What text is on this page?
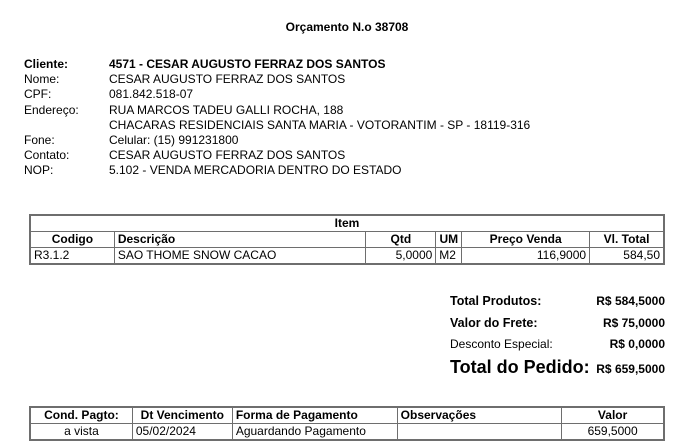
Orçamento N.o 38708
Cliente:	4571 - CESAR AUGUSTO FERRAZ DOS SANTOS
Nome:	CESAR AUGUSTO FERRAZ DOS SANTOS
CPF:	081.842.518-07
Endereço:	RUA MARCOS TADEU GALLI ROCHA, 188
CHACARAS RESIDENCIAIS SANTA MARIA - VOTORANTIM - SP - 18119-316
Fone:	Celular: (15) 991231800
Contato:	CESAR AUGUSTO FERRAZ DOS SANTOS
NOP:	5.102 - VENDA MERCADORIA DENTRO DO ESTADO
Item					
Codigo	Descrição	Qtd	UM	Preço Venda	Vl. Total
R3.1.2	SAO THOME SNOW CACAO	5,0000	M2	116,9000	584,50
Total Produtos:	R$ 584,5000
Valor do Frete:	R$ 75,0000
Desconto Especial:	R$ 0,0000
Total do Pedido: R$ 659,5000
Cond. Pagto:	Dt Vencimento	Forma de Pagamento	Observações	Valor
a vista	05/02/2024	Aguardando Pagamento		659,5000
